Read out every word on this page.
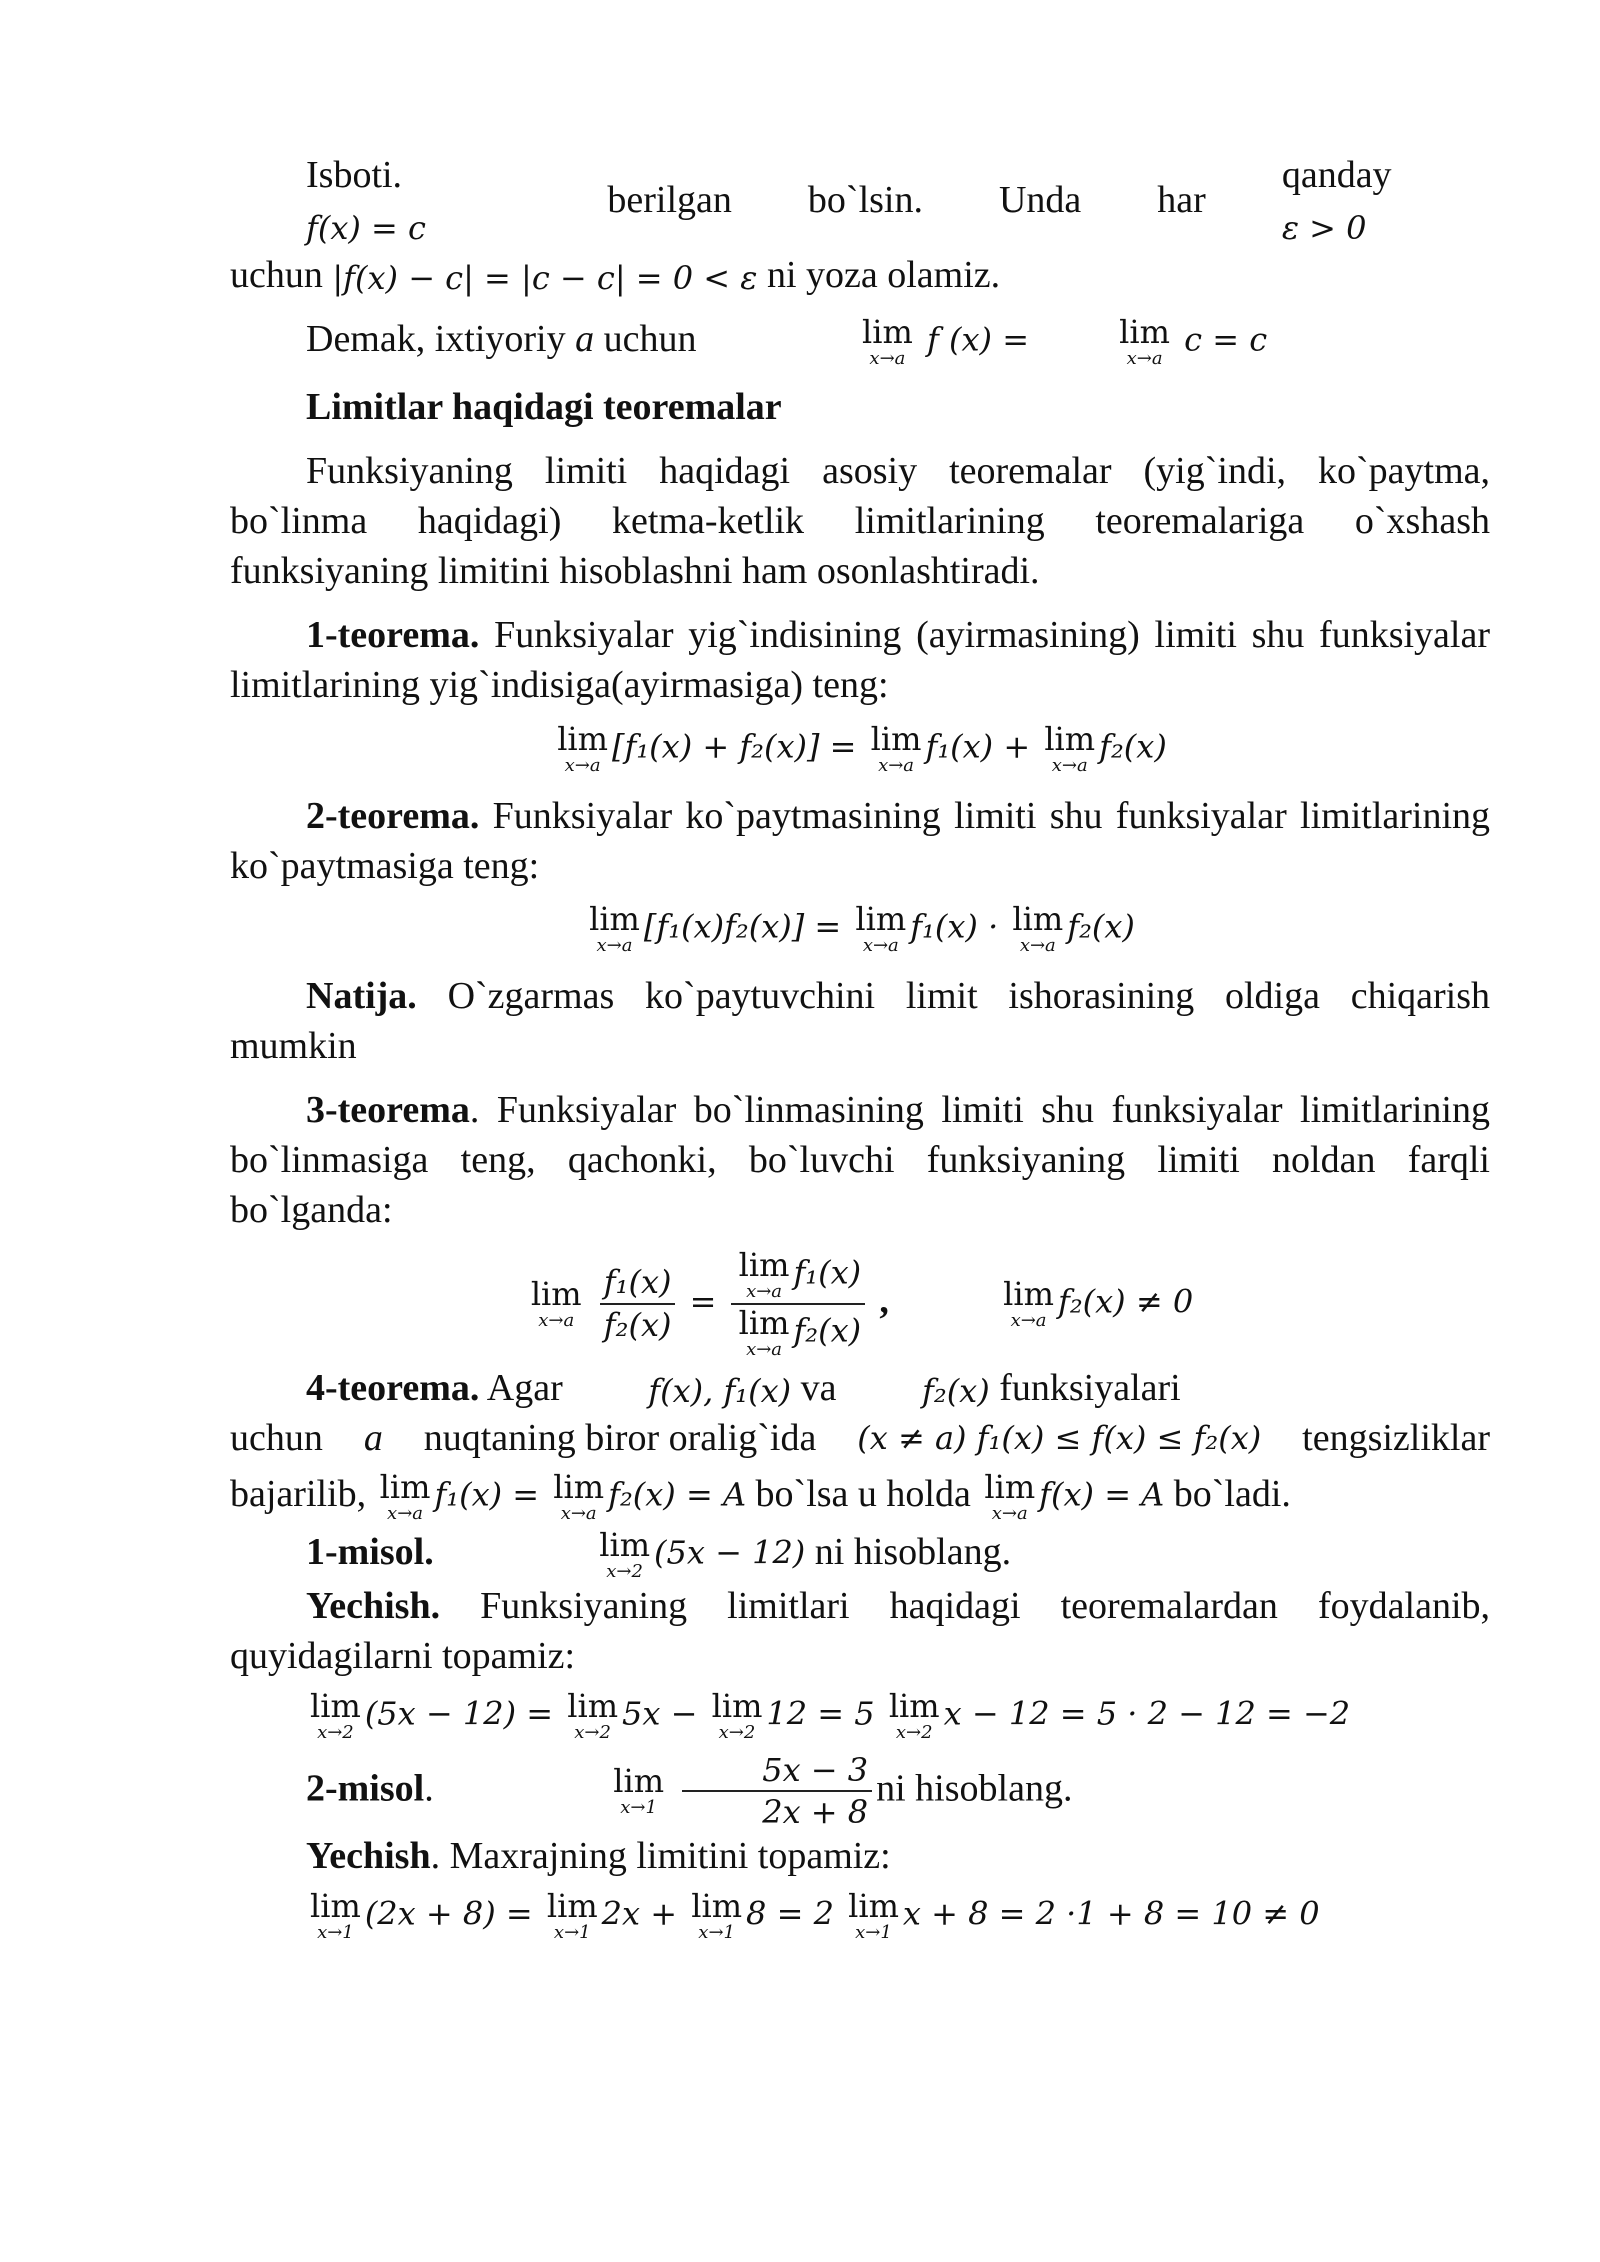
Isboti. f(x) = c
berilgan	bo`lsin.	Unda	har
qanday ε > 0

uchun |f(x) − c| = |c − c| = 0 < ε ni yoza olamiz.

Demak, ixtiyoriy a uchun	lim
x→a f (x) =	lim
x→a c = c

Limitlar haqidagi teoremalar

Funksiyaning limiti haqidagi asosiy teoremalar (yig`indi, ko`paytma, bo`linma haqidagi) ketma-ketlik limitlarining teoremalariga o`xshash funksiyaning limitini hisoblashni ham osonlashtiradi.

1-teorema. Funksiyalar yig`indisining (ayirmasining) limiti shu funksiyalar limitlarining yig`indisiga(ayirmasiga) teng:

lim
x→a [f₁(x) + f₂(x)] = lim
x→a f₁(x) + lim
x→a f₂(x)

2-teorema. Funksiyalar ko`paytmasining limiti shu funksiyalar limitlarining ko`paytmasiga teng:

lim
x→a [f₁(x)f₂(x)] = lim
x→a f₁(x) · lim
x→a f₂(x)

Natija. O`zgarmas ko`paytuvchini limit ishorasining oldiga chiqarish mumkin

3-teorema. Funksiyalar bo`linmasining limiti shu funksiyalar limitlarining bo`linmasiga teng, qachonki, bo`luvchi funksiyaning limiti noldan farqli bo`lganda:

lim
x→a
$\frac{\text{f₁(x)}}{\text{f₂(x)}} = \lim$
x→a f₁(x)
lim
x→a f₂(x) ,	lim
x→a f₂(x) ≠ 0

4-teorema. Agar	f(x), f₁(x) va	f₂(x) funksiyalari

uchun a nuqtaning biror oralig`ida (x ≠ a) f₁(x) ≤ f(x) ≤ f₂(x) tengsizliklar

bajarilib, lim
x→a f₁(x) = lim
x→a f₂(x) = A bo`lsa u holda lim
x→a f(x) = A bo`ladi.

1-misol.	lim
x→2 (5x − 12) ni hisoblang.

Yechish. Funksiyaning limitlari haqidagi teoremalardan foydalanib, quyidagilarni topamiz:

lim
x→2 (5x − 12) = lim
x→2 5x − lim
x→2 12 = 5 lim
x→2 x − 12 = 5 · 2 − 12 = −2

2-misol.	lim
x→1
$\frac{5x - 3}{2x + 8}$ ni hisoblang.

Yechish. Maxrajning limitini topamiz:

lim
x→1 (2x + 8) = lim
x→1 2x + lim
x→1 8 = 2 lim
x→1 x + 8 = 2 ·1 + 8 = 10 ≠ 0
